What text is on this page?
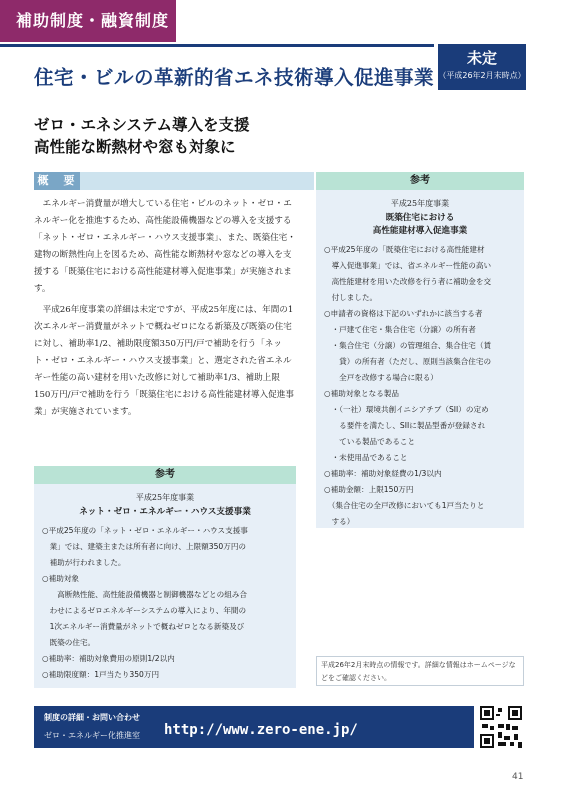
補助制度・融資制度
住宅・ビルの革新的省エネ技術導入促進事業
未定
（平成26年2月末時点）
ゼロ・エネシステム導入を支援
高性能な断熱材や窓も対象に
概　要

エネルギー消費量が増大している住宅・ビルのネット・ゼロ・エネルギー化を推進するため、高性能設備機器などの導入を支援する「ネット・ゼロ・エネルギー・ハウス支援事業」、また、既築住宅・建物の断熱性向上を図るため、高性能な断熱材や窓などの導入を支援する「既築住宅における高性能建材導入促進事業」が実施されます。

平成26年度事業の詳細は未定ですが、平成25年度には、年間の1次エネルギー消費量がネットで概ねゼロになる新築及び既築の住宅に対し、補助率1/2、補助限度額350万円/戸で補助を行う「ネット・ゼロ・エネルギー・ハウス支援事業」と、選定された省エネルギー性能の高い建材を用いた改修に対して補助率1/3、補助上限150万円/戸で補助を行う「既築住宅における高性能建材導入促進事業」が実施されています。

参考
平成25年度事業
既築住宅における
高性能建材導入促進事業
○平成25年度の「既築住宅における高性能建材
　導入促進事業」では、省エネルギー性能の高い
　高性能建材を用いた改修を行う者に補助金を交
　付しました。
○申請者の資格は下記のいずれかに該当する者
　・戸建て住宅・集合住宅（分譲）の所有者
　・集合住宅（分譲）の管理組合、集合住宅（賃
　　貸）の所有者（ただし、原則当該集合住宅の
　　全戸を改修する場合に限る）
○補助対象となる製品
　・（一社）環境共創イニシアチブ（SII）の定め
　　る要件を満たし、SIIに製品型番が登録され
　　ている製品であること
　・未使用品であること
○補助率：補助対象経費の1/3以内
○補助金額：上限150万円
　（集合住宅の全戸改修においても1戸当たりと
　する）
参考
平成25年度事業
ネット・ゼロ・エネルギー・ハウス支援事業
○平成25年度の「ネット・ゼロ・エネルギー・ハウス支援事
　業」では、建築主または所有者に向け、上限額350万円の
　補助が行われました。
○補助対象
　　高断熱性能、高性能設備機器と制御機器などとの組み合
　わせによるゼロエネルギーシステムの導入により、年間の
　1次エネルギー消費量がネットで概ねゼロとなる新築及び
　既築の住宅。
○補助率：補助対象費用の原則1/2以内
○補助限度額：1戸当たり350万円
平成26年2月末時点の情報です。詳細な情報はホームページなどをご確認ください。
制度の詳細・お問い合わせ
ゼロ・エネルギー化推進室 http://www.zero-ene.jp/
41
